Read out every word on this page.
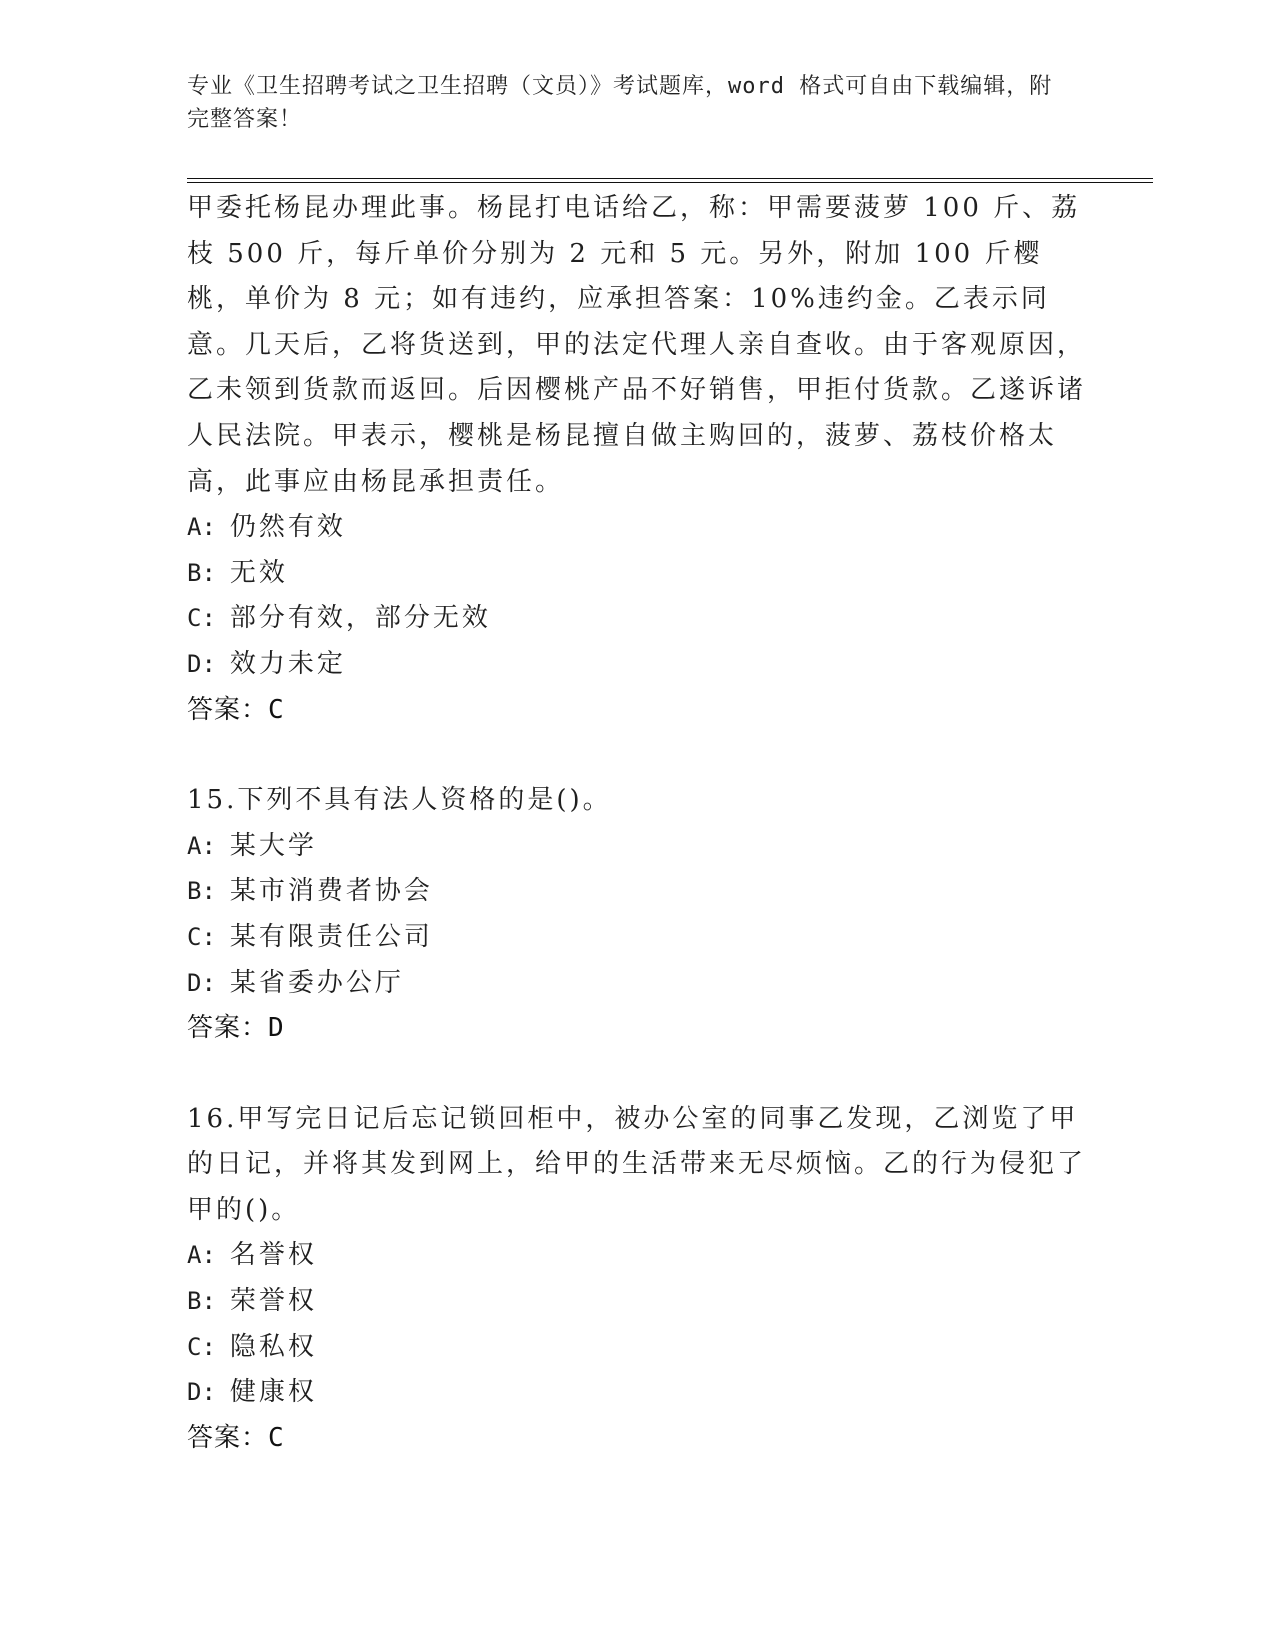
专业《卫生招聘考试之卫生招聘（文员）》考试题库，word 格式可自由下载编辑，附完整答案！

甲委托杨昆办理此事。杨昆打电话给乙，称：甲需要菠萝 100 斤、荔枝 500 斤，每斤单价分别为 2 元和 5 元。另外，附加 100 斤樱桃，单价为 8 元；如有违约，应承担答案：10%违约金。乙表示同意。几天后，乙将货送到，甲的法定代理人亲自查收。由于客观原因，乙未领到货款而返回。后因樱桃产品不好销售，甲拒付货款。乙遂诉诸人民法院。甲表示，樱桃是杨昆擅自做主购回的，菠萝、荔枝价格太高，此事应由杨昆承担责任。

A: 仍然有效
B: 无效
C: 部分有效，部分无效
D: 效力未定
答案：C

15.下列不具有法人资格的是()。

A: 某大学
B: 某市消费者协会
C: 某有限责任公司
D: 某省委办公厅
答案：D

16.甲写完日记后忘记锁回柜中，被办公室的同事乙发现，乙浏览了甲的日记，并将其发到网上，给甲的生活带来无尽烦恼。乙的行为侵犯了甲的()。

A: 名誉权
B: 荣誉权
C: 隐私权
D: 健康权
答案：C
